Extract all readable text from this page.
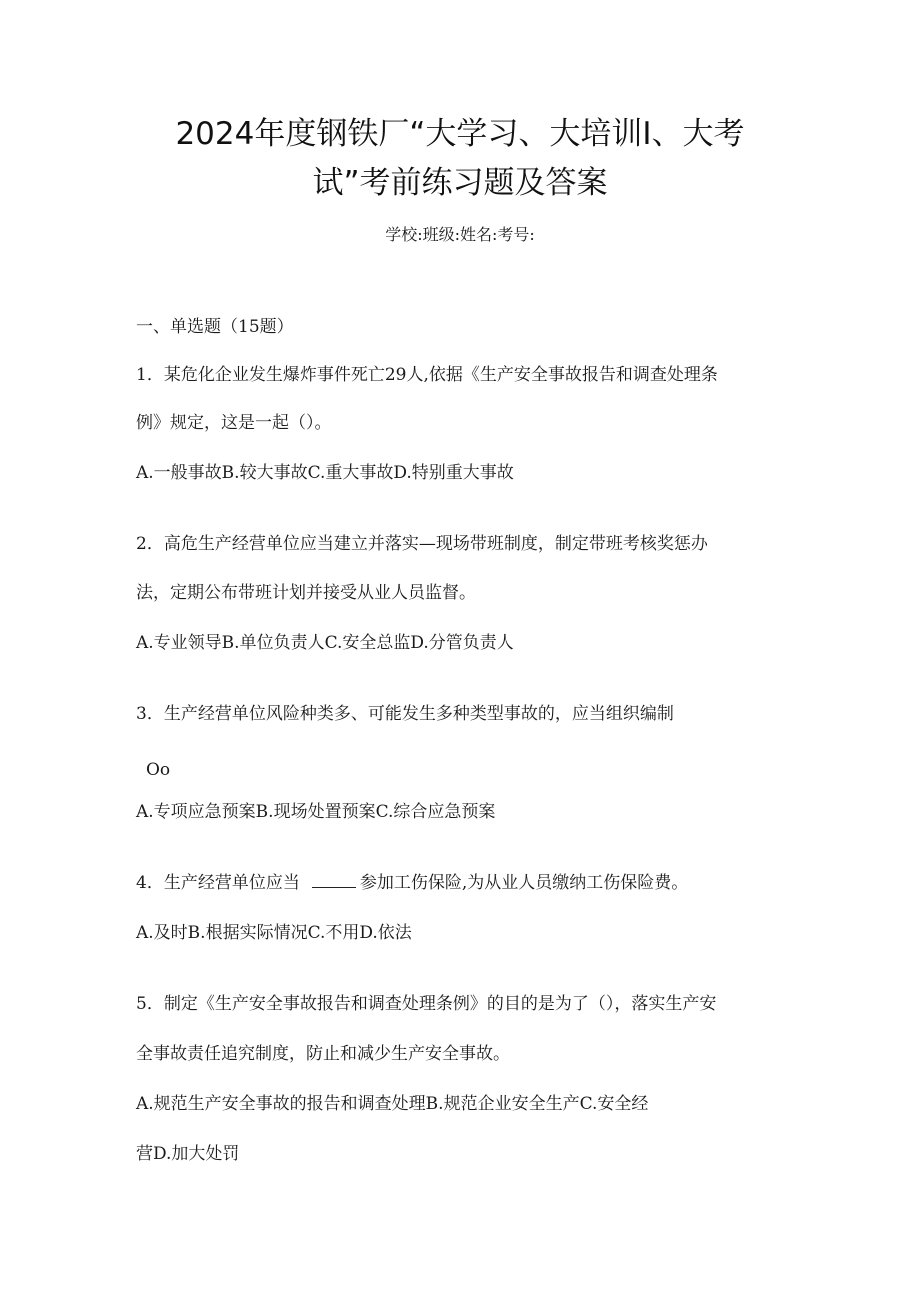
2024年度钢铁厂“大学习、大培训I、大考
试”考前练习题及答案
学校:班级:姓名:考号:
一、单选题（15题）
1．某危化企业发生爆炸事件死亡29人,依据《生产安全事故报告和调查处理条
例》规定，这是一起（）。
A.一般事故B.较大事故C.重大事故D.特别重大事故
2．高危生产经营单位应当建立并落实—现场带班制度，制定带班考核奖惩办
法，定期公布带班计划并接受从业人员监督。
A.专业领导B.单位负责人C.安全总监D.分管负责人
3．生产经营单位风险种类多、可能发生多种类型事故的，应当组织编制
Oo
A.专项应急预案B.现场处置预案C.综合应急预案
4．生产经营单位应当	参加工伤保险,为从业人员缴纳工伤保险费。
A.及时B.根据实际情况C.不用D.依法
5．制定《生产安全事故报告和调查处理条例》的目的是为了（），落实生产安
全事故责任追究制度，防止和减少生产安全事故。
A.规范生产安全事故的报告和调查处理B.规范企业安全生产C.安全经
营D.加大处罚
